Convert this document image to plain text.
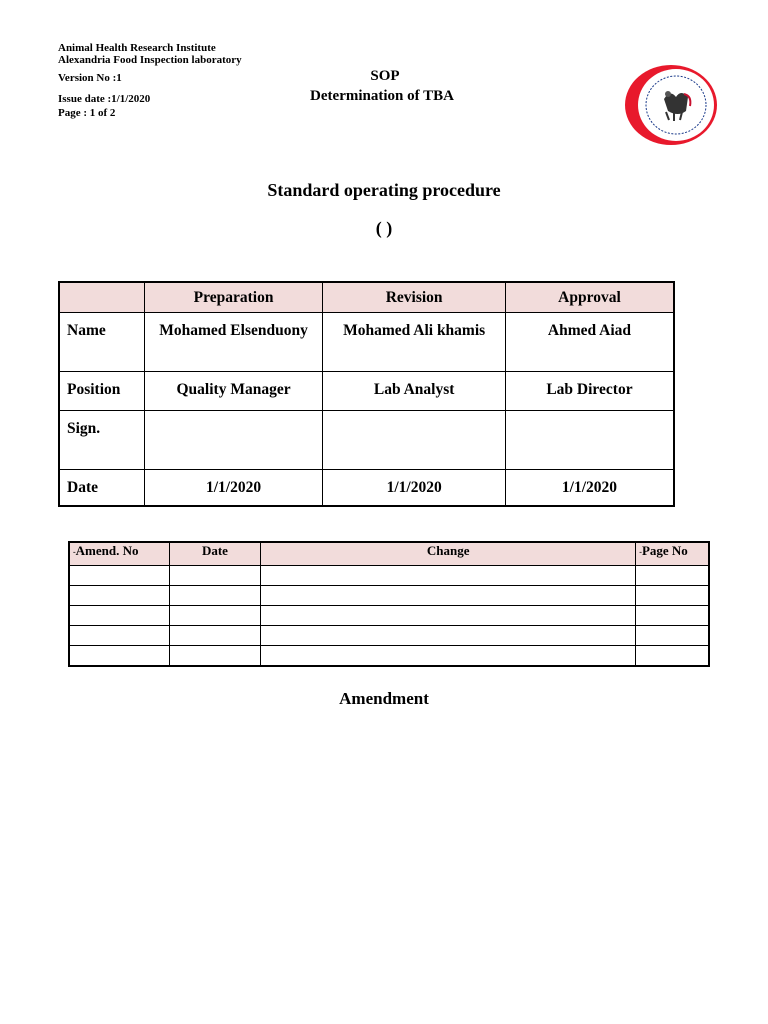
Animal Health Research Institute
Alexandria Food Inspection laboratory
Version No :1
Issue date :1/1/2020
Page : 1 of 2
SOP
Determination of TBA
Standard operating procedure
( )
	Preparation	Revision	Approval
Name	Mohamed Elsenduony	Mohamed Ali khamis	Ahmed Aiad
Position	Quality Manager	Lab Analyst	Lab Director
Sign.			
Date	1/1/2020	1/1/2020	1/1/2020
-Amend. No	Date	Change	-Page No

Amendment
